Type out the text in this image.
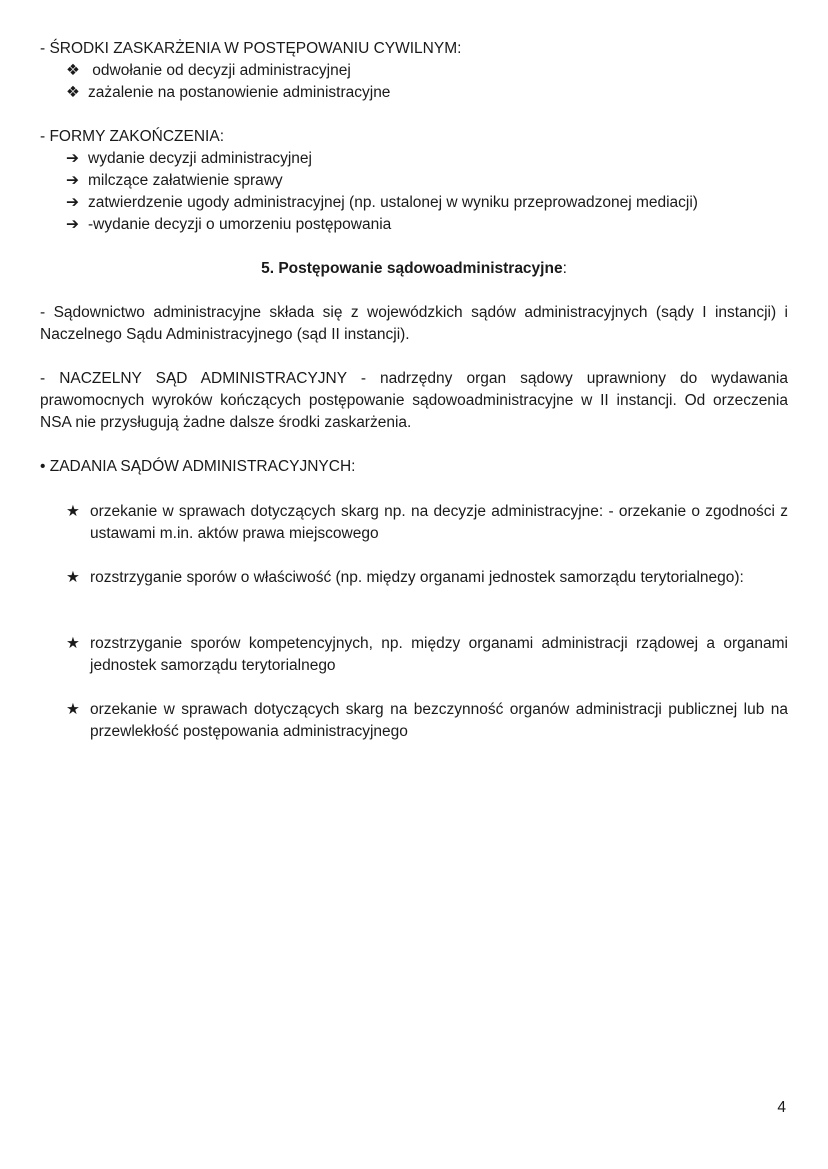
- ŚRODKI ZASKARŻENIA W POSTĘPOWANIU CYWILNYM:
❖ odwołanie od decyzji administracyjnej
❖ zażalenie na postanowienie administracyjne
- FORMY ZAKOŃCZENIA:
➔ wydanie decyzji administracyjnej
➔ milczące załatwienie sprawy
➔ zatwierdzenie ugody administracyjnej (np. ustalonej w wyniku przeprowadzonej mediacji)
➔ -wydanie decyzji o umorzeniu postępowania
5. Postępowanie sądowoadministracyjne:
- Sądownictwo administracyjne składa się z wojewódzkich sądów administracyjnych (sądy I instancji) i Naczelnego Sądu Administracyjnego (sąd II instancji).
- NACZELNY SĄD ADMINISTRACYJNY - nadrzędny organ sądowy uprawniony do wydawania prawomocnych wyroków kończących postępowanie sądowoadministracyjne w II instancji. Od orzeczenia NSA nie przysługują żadne dalsze środki zaskarżenia.
• ZADANIA SĄDÓW ADMINISTRACYJNYCH:
★ orzekanie w sprawach dotyczących skarg np. na decyzje administracyjne: - orzekanie o zgodności z ustawami m.in. aktów prawa miejscowego
★ rozstrzyganie sporów o właściwość (np. między organami jednostek samorządu terytorialnego):
★ rozstrzyganie sporów kompetencyjnych, np. między organami administracji rządowej a organami jednostek samorządu terytorialnego
★ orzekanie w sprawach dotyczących skarg na bezczynność organów administracji publicznej lub na przewlekłość postępowania administracyjnego
4
